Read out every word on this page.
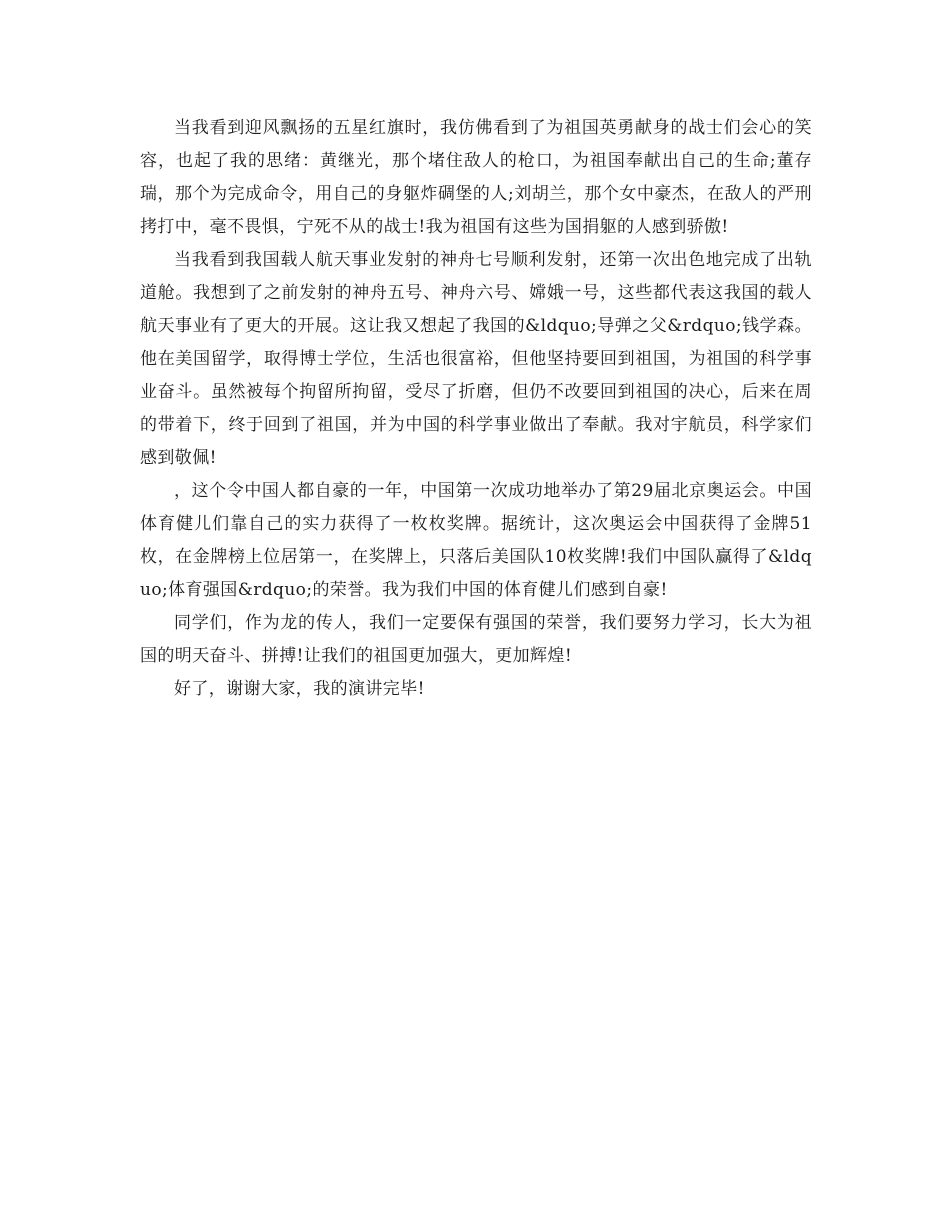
当我看到迎风飘扬的五星红旗时，我仿佛看到了为祖国英勇献身的战士们会心的笑容，也起了我的思绪：黄继光，那个堵住敌人的枪口，为祖国奉献出自己的生命;董存瑞，那个为完成命令，用自己的身躯炸碉堡的人;刘胡兰，那个女中豪杰，在敌人的严刑拷打中，毫不畏惧，宁死不从的战士!我为祖国有这些为国捐躯的人感到骄傲!

当我看到我国载人航天事业发射的神舟七号顺利发射，还第一次出色地完成了出轨道舱。我想到了之前发射的神舟五号、神舟六号、嫦娥一号，这些都代表这我国的载人航天事业有了更大的开展。这让我又想起了我国的&ldquo;导弹之父&rdquo;钱学森。他在美国留学，取得博士学位，生活也很富裕，但他坚持要回到祖国，为祖国的科学事业奋斗。虽然被每个拘留所拘留，受尽了折磨，但仍不改要回到祖国的决心，后来在周的带着下，终于回到了祖国，并为中国的科学事业做出了奉献。我对宇航员，科学家们感到敬佩!

，这个令中国人都自豪的一年，中国第一次成功地举办了第29届北京奥运会。中国体育健儿们靠自己的实力获得了一枚枚奖牌。据统计，这次奥运会中国获得了金牌51枚，在金牌榜上位居第一，在奖牌上，只落后美国队10枚奖牌!我们中国队赢得了&ldquo;体育强国&rdquo;的荣誉。我为我们中国的体育健儿们感到自豪!

同学们，作为龙的传人，我们一定要保有强国的荣誉，我们要努力学习，长大为祖国的明天奋斗、拼搏!让我们的祖国更加强大，更加辉煌!

好了，谢谢大家，我的演讲完毕!
